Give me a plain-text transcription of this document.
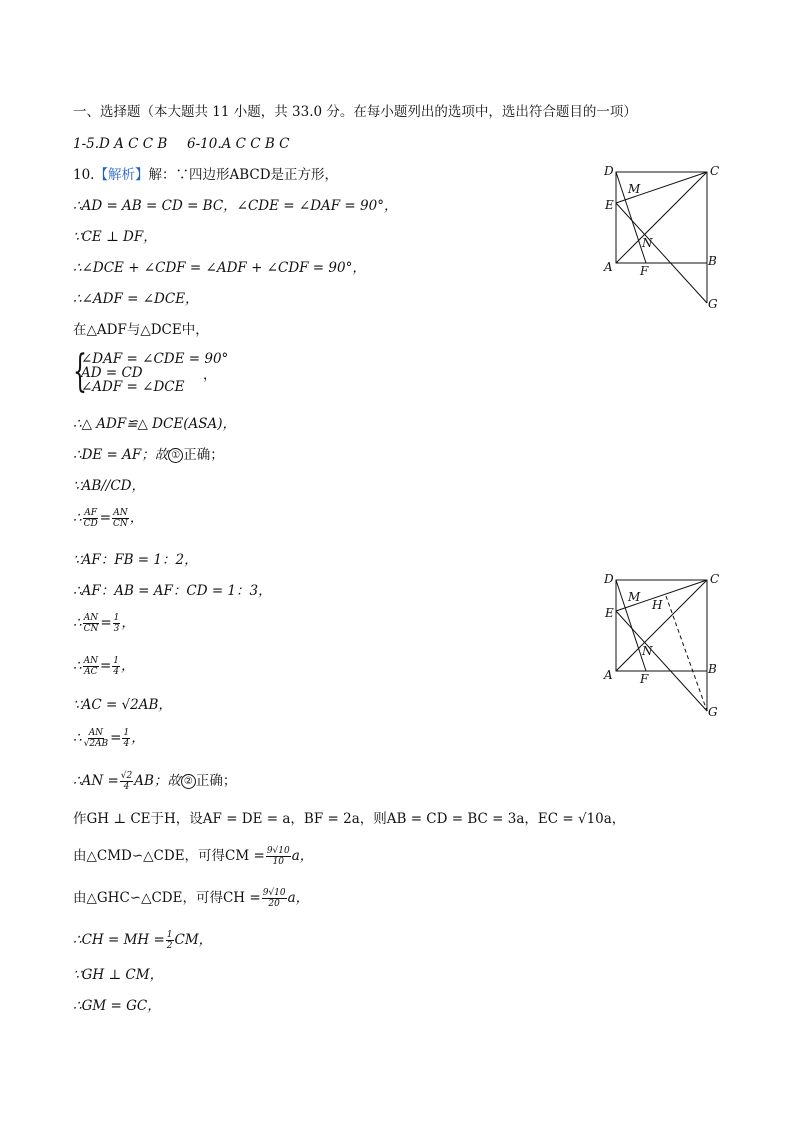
一、选择题（本大题共 11 小题，共 33.0 分。在每小题列出的选项中，选出符合题目的一项）
1-5.D A C C B 6-10.A C C B C
10.【解析】解：∵四边形ABCD是正方形，
∴AD = AB = CD = BC，∠CDE = ∠DAF = 90°，
∵CE ⊥ DF，
∴∠DCE + ∠CDF = ∠ADF + ∠CDF = 90°，
∴∠ADF = ∠DCE，
在△ADF与△DCE中，
{
∠DAF = ∠CDE = 90°
AD = CD
∠ADF = ∠DCE
，
∴△ ADF≌△ DCE(ASA)，
∴DE = AF；故 ① 正确；
∵AB//CD，
∴ $\frac{AF}{CD} = \frac{AN}{CN}$ ，
∵AF：FB = 1：2，
∴AF：AB = AF：CD = 1：3，
∴ $\frac{AN}{CN} = \frac{1}{3}$ ，
∴ $\frac{AN}{AC} = \frac{1}{4}$ ，
∵AC = √2AB，
∴ $\frac{AN}{√2AB} = \frac{1}{4}$ ，
∴AN = $\frac{√2}{4}$ AB；故 ② 正确；
作GH ⊥ CE于H，设AF = DE = a，BF = 2a，则AB = CD = BC = 3a，EC = √10a，
由△CMD∽△CDE，可得CM = $\frac{9√10}{10}$ a，
由△GHC∽△CDE，可得CH = $\frac{9√10}{20}$ a，
∴CH = MH = $\frac{1}{2}$ CM，
∵GH ⊥ CM，
∴GM = GC，
D	C
E
M
N
A F
B
G
D	C
E
M
H
N
A F
B
G
